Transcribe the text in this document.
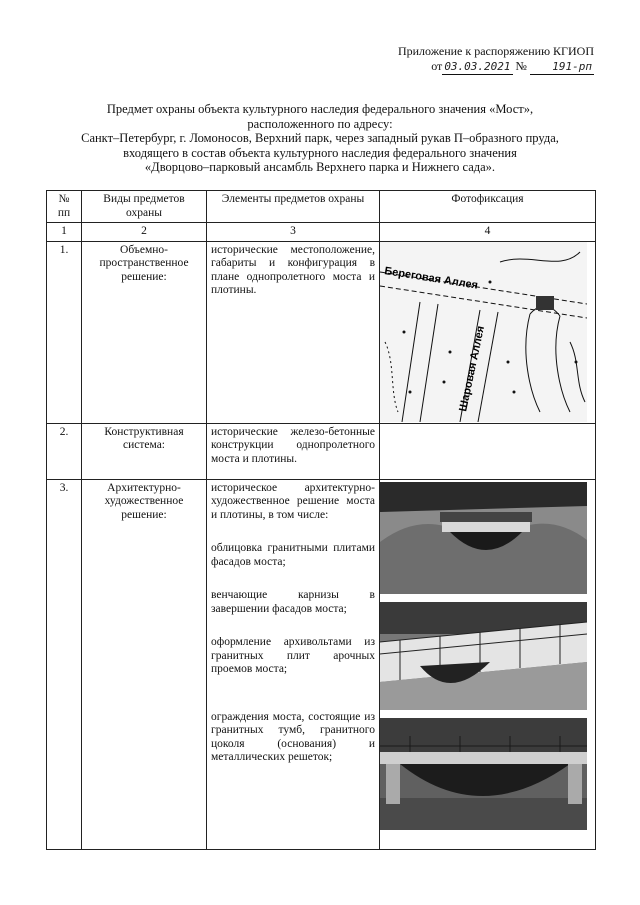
Приложение к распоряжению КГИОП
от 03.03.2021 № 191-рп
Предмет охраны объекта культурного наследия федерального значения «Мост»,
расположенного по адресу:
Санкт–Петербург, г. Ломоносов, Верхний парк, через западный рукав П–образного пруда,
входящего в состав объекта культурного наследия федерального значения
«Дворцово–парковый ансамбль Верхнего парка и Нижнего сада».
№ пп	Виды предметов охраны	Элементы предметов охраны	Фотофиксация
1	2	3	4
1.	Объемно-пространственное решение:	исторические местоположение, габариты и конфигурация в плане однопролетного моста и плотины.	Береговая Аллея
Шаровая Аллея

2.	Конструктивная система:	исторические железо-бетонные конструкции однопролетного моста и плотины.	
3.	Архитектурно-художественное решение:	историческое архитектурно-художественное решение моста и плотины, в том числе:
облицовка гранитными плитами фасадов моста;
венчающие карнизы в завершении фасадов моста;
оформление архивольтами из гранитных плит арочных проемов моста;
ограждения моста, состоящие из гранитных тумб, гранитного цоколя (основания) и металлических решеток;
